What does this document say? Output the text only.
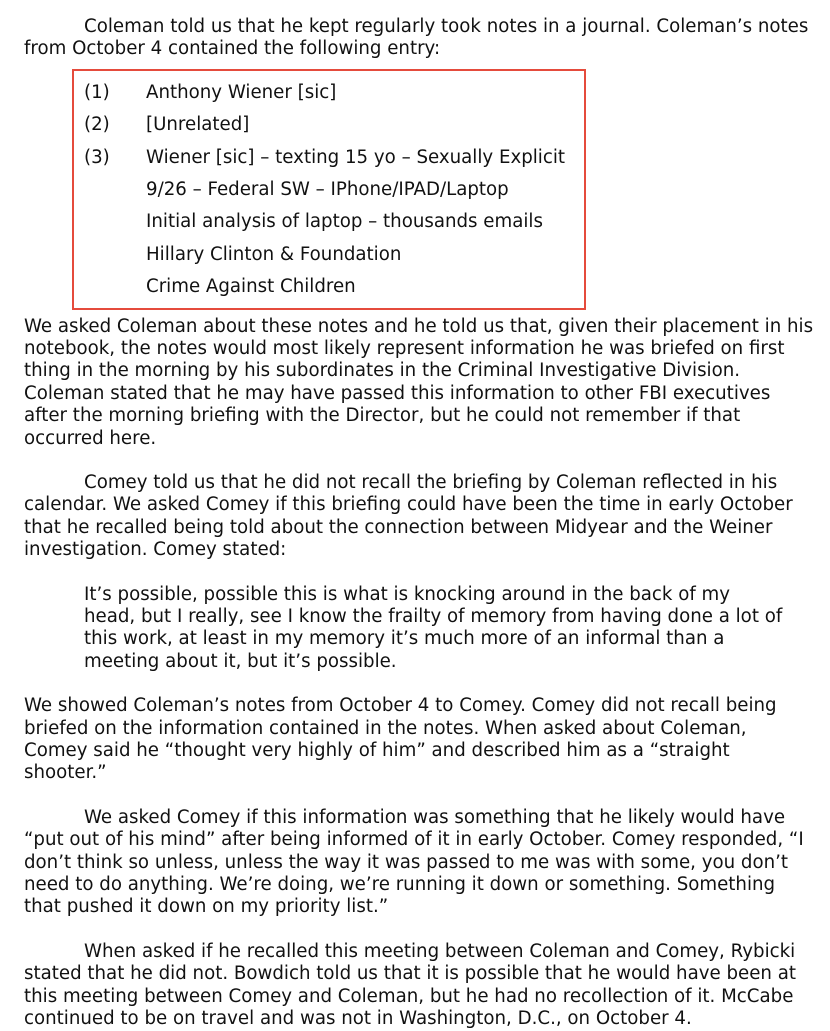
Coleman told us that he kept regularly took notes in a journal. Coleman’s notes from October 4 contained the following entry:

(1)	Anthony Wiener [sic]
(2)	[Unrelated]
(3)	Wiener [sic] – texting 15 yo – Sexually Explicit
9/26 – Federal SW – IPhone/IPAD/Laptop
Initial analysis of laptop – thousands emails
Hillary Clinton & Foundation
Crime Against Children

We asked Coleman about these notes and he told us that, given their placement in his notebook, the notes would most likely represent information he was briefed on first thing in the morning by his subordinates in the Criminal Investigative Division. Coleman stated that he may have passed this information to other FBI executives after the morning briefing with the Director, but he could not remember if that occurred here.

Comey told us that he did not recall the briefing by Coleman reflected in his calendar. We asked Comey if this briefing could have been the time in early October that he recalled being told about the connection between Midyear and the Weiner investigation. Comey stated:

It’s possible, possible this is what is knocking around in the back of my head, but I really, see I know the frailty of memory from having done a lot of this work, at least in my memory it’s much more of an informal than a meeting about it, but it’s possible.

We showed Coleman’s notes from October 4 to Comey. Comey did not recall being briefed on the information contained in the notes. When asked about Coleman, Comey said he “thought very highly of him” and described him as a “straight shooter.”

We asked Comey if this information was something that he likely would have “put out of his mind” after being informed of it in early October. Comey responded, “I don’t think so unless, unless the way it was passed to me was with some, you don’t need to do anything. We’re doing, we’re running it down or something. Something that pushed it down on my priority list.”

When asked if he recalled this meeting between Coleman and Comey, Rybicki stated that he did not. Bowdich told us that it is possible that he would have been at this meeting between Comey and Coleman, but he had no recollection of it. McCabe continued to be on travel and was not in Washington, D.C., on October 4.
